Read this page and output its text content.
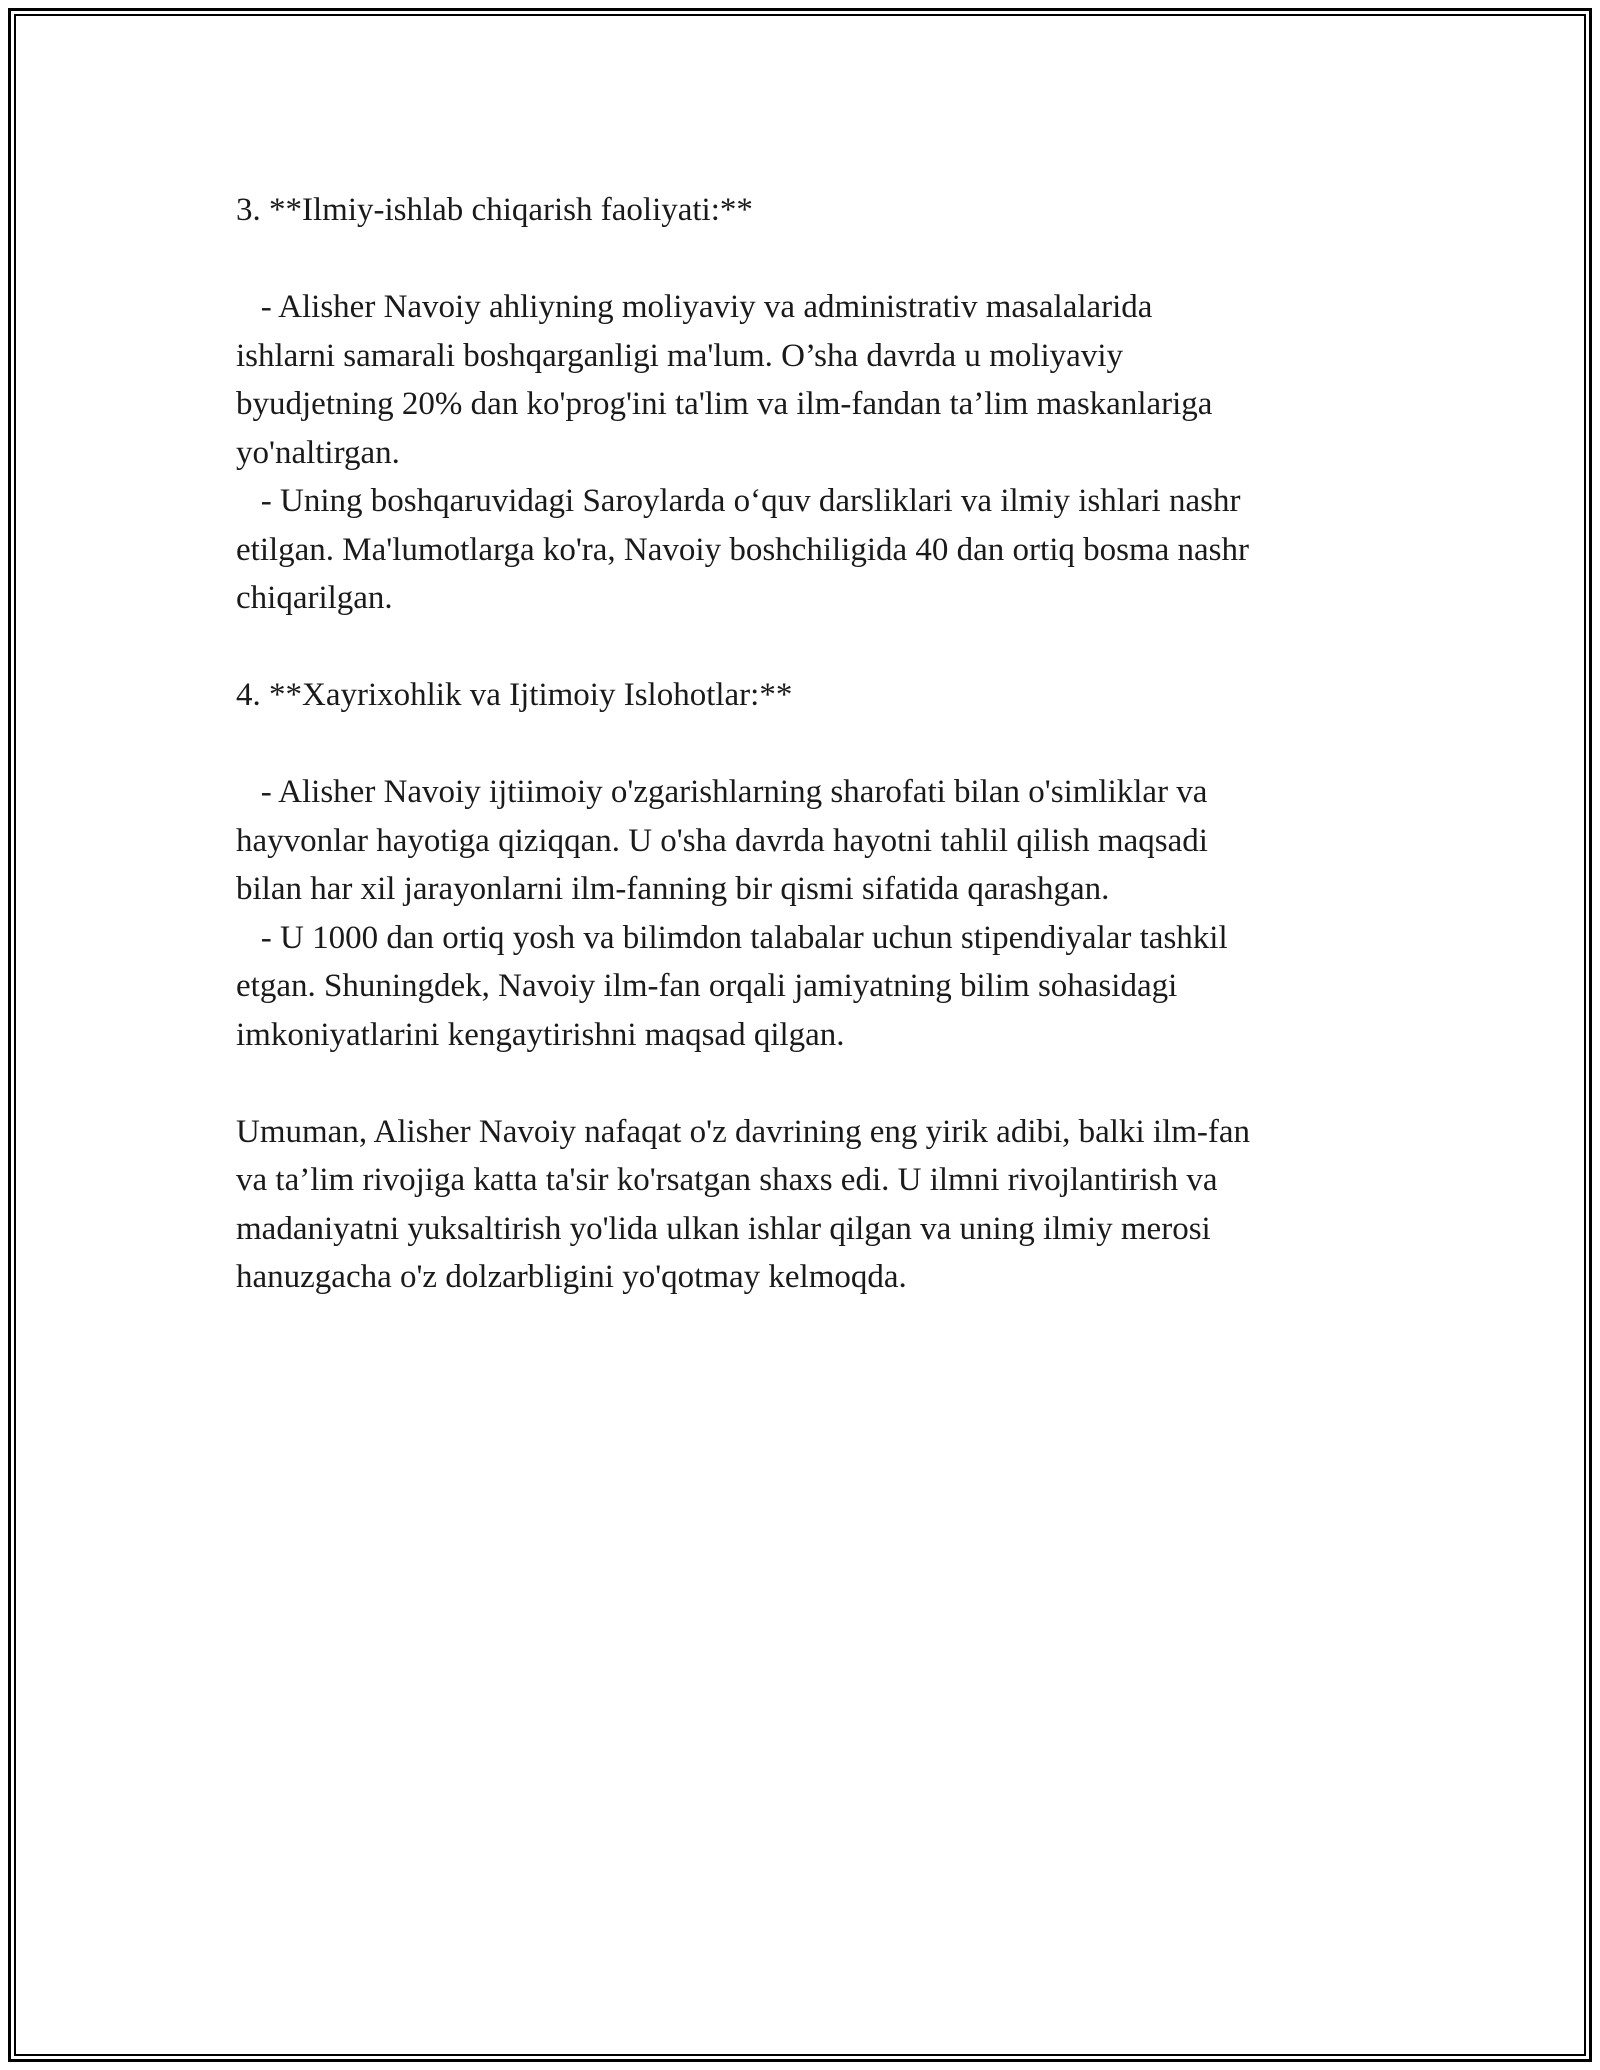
3. **Ilmiy-ishlab chiqarish faoliyati:**
- Alisher Navoiy ahliyning moliyaviy va administrativ masalalarida
ishlarni samarali boshqarganligi ma'lum. O’sha davrda u moliyaviy
byudjetning 20% dan ko'prog'ini ta'lim va ilm-fandan ta’lim maskanlariga
yo'naltirgan.
- Uning boshqaruvidagi Saroylarda o‘quv darsliklari va ilmiy ishlari nashr
etilgan. Ma'lumotlarga ko'ra, Navoiy boshchiligida 40 dan ortiq bosma nashr
chiqarilgan.
4. **Xayrixohlik va Ijtimoiy Islohotlar:**
- Alisher Navoiy ijtiimoiy o'zgarishlarning sharofati bilan o'simliklar va
hayvonlar hayotiga qiziqqan. U o'sha davrda hayotni tahlil qilish maqsadi
bilan har xil jarayonlarni ilm-fanning bir qismi sifatida qarashgan.
- U 1000 dan ortiq yosh va bilimdon talabalar uchun stipendiyalar tashkil
etgan. Shuningdek, Navoiy ilm-fan orqali jamiyatning bilim sohasidagi
imkoniyatlarini kengaytirishni maqsad qilgan.
Umuman, Alisher Navoiy nafaqat o'z davrining eng yirik adibi, balki ilm-fan
va ta’lim rivojiga katta ta'sir ko'rsatgan shaxs edi. U ilmni rivojlantirish va
madaniyatni yuksaltirish yo'lida ulkan ishlar qilgan va uning ilmiy merosi
hanuzgacha o'z dolzarbligini yo'qotmay kelmoqda.
